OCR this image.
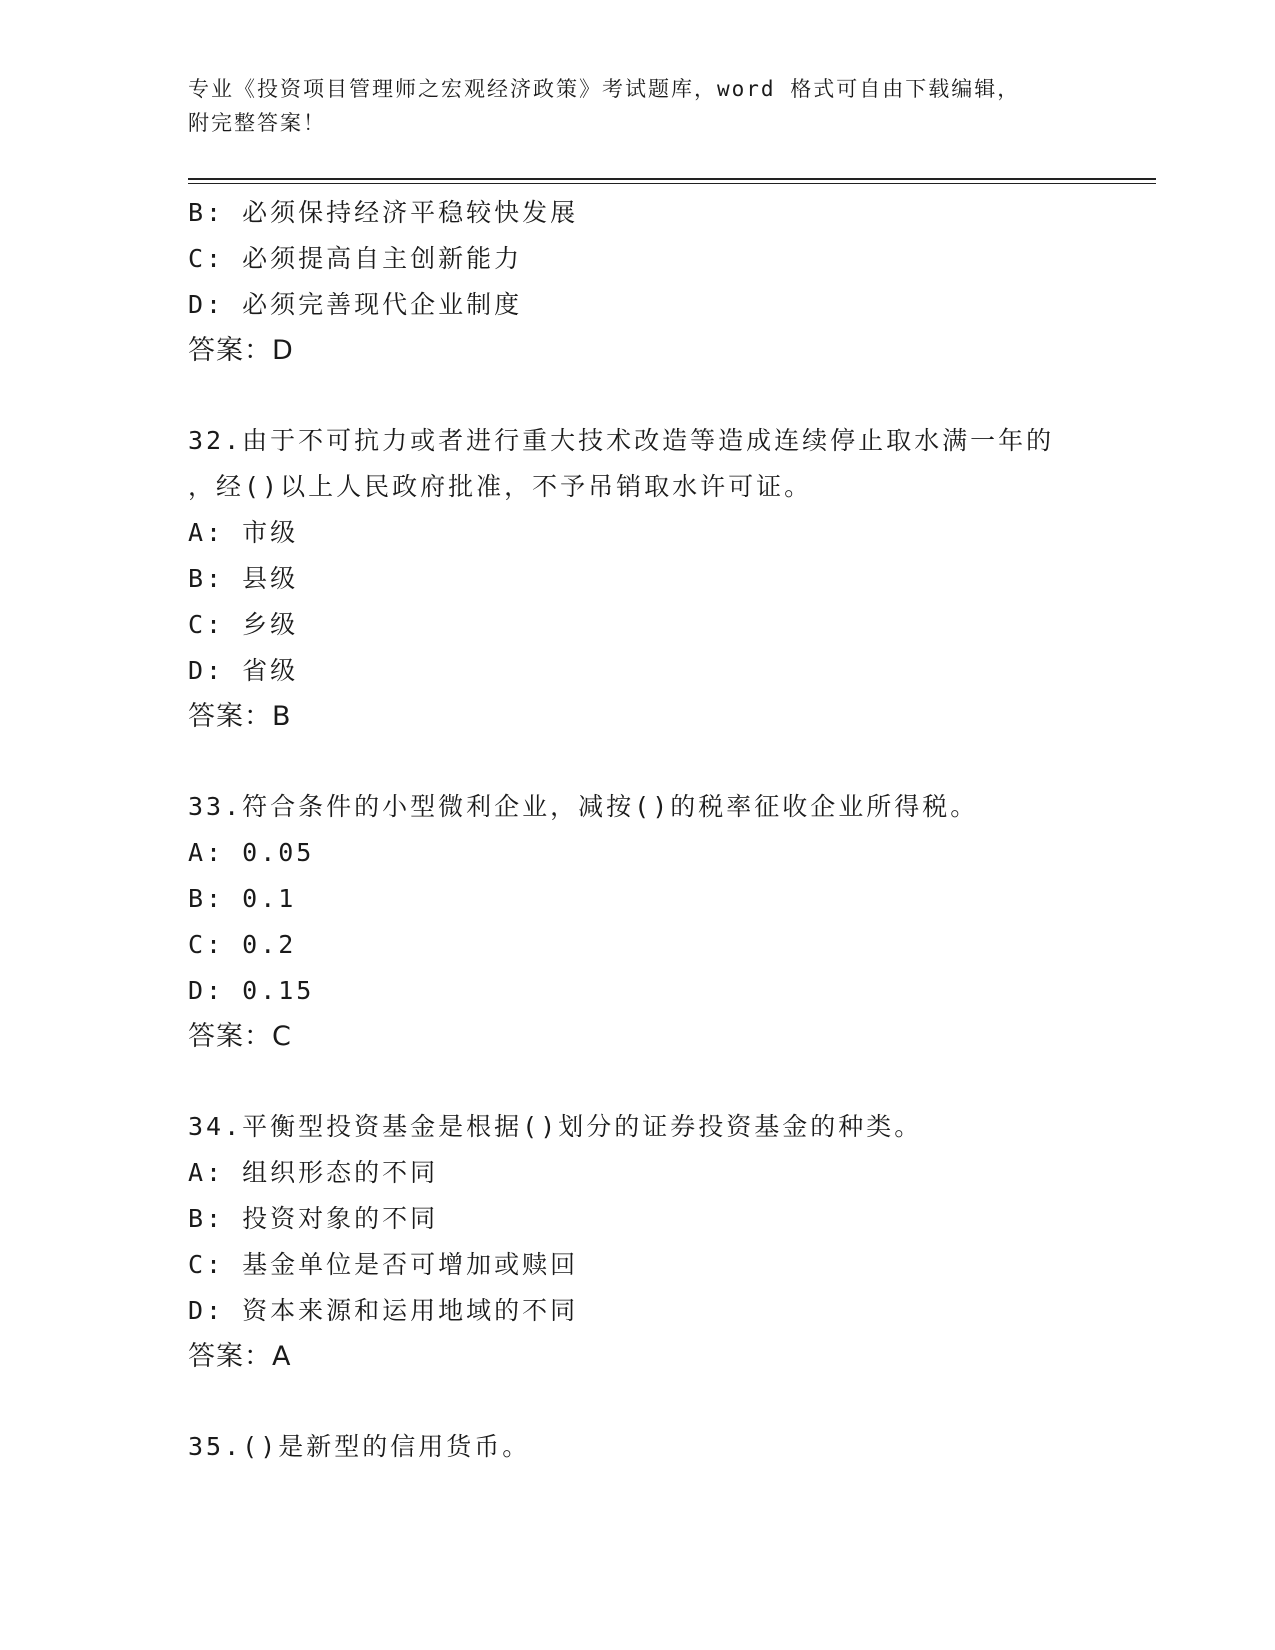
专业《投资项目管理师之宏观经济政策》考试题库，word 格式可自由下载编辑，
附完整答案！
B: 必须保持经济平稳较快发展
C: 必须提高自主创新能力
D: 必须完善现代企业制度
答案：D
32.由于不可抗力或者进行重大技术改造等造成连续停止取水满一年的
，经()以上人民政府批准，不予吊销取水许可证。
A: 市级
B: 县级
C: 乡级
D: 省级
答案：B
33.符合条件的小型微利企业，减按()的税率征收企业所得税。
A: 0.05
B: 0.1
C: 0.2
D: 0.15
答案：C
34.平衡型投资基金是根据()划分的证券投资基金的种类。
A: 组织形态的不同
B: 投资对象的不同
C: 基金单位是否可增加或赎回
D: 资本来源和运用地域的不同
答案：A
35.()是新型的信用货币。
